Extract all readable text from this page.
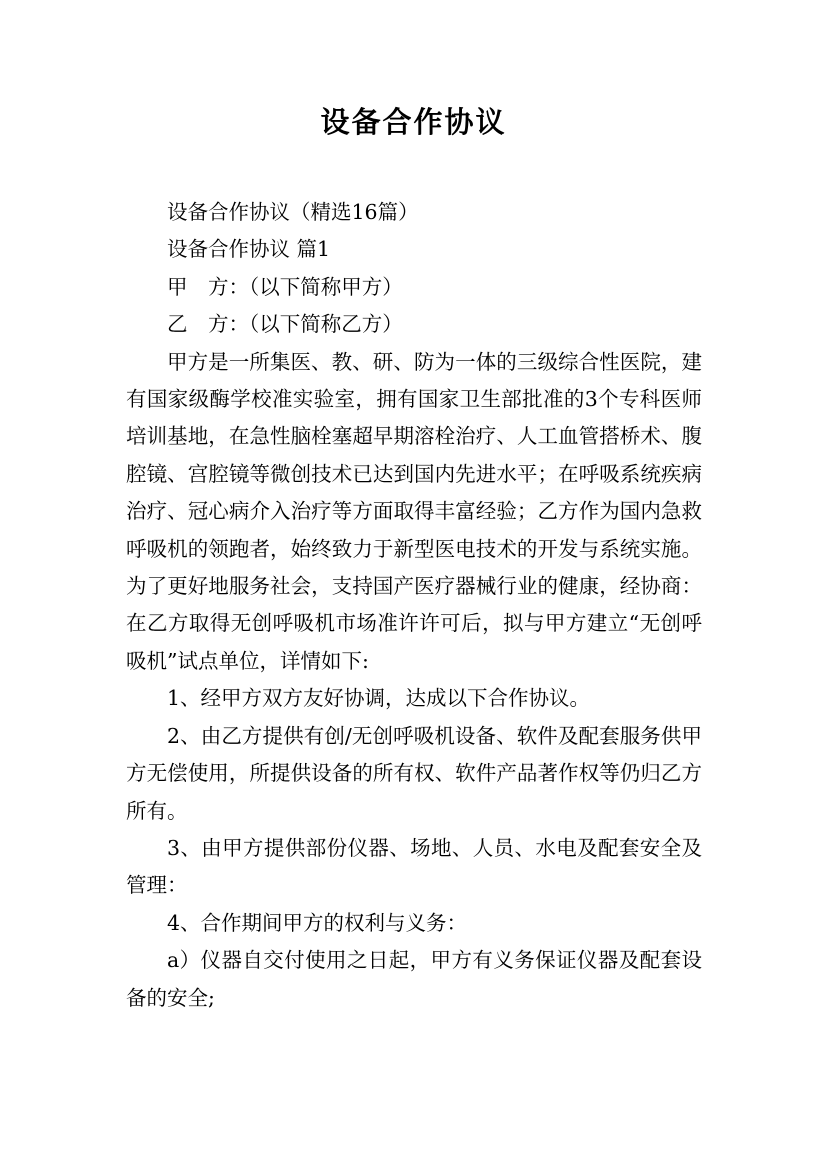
设备合作协议

设备合作协议（精选16篇）

设备合作协议 篇1

甲　方：（以下简称甲方）

乙　方：（以下简称乙方）

甲方是一所集医、教、研、防为一体的三级综合性医院，建有国家级酶学校准实验室，拥有国家卫生部批准的3个专科医师培训基地，在急性脑栓塞超早期溶栓治疗、人工血管搭桥术、腹腔镜、宫腔镜等微创技术已达到国内先进水平；在呼吸系统疾病治疗、冠心病介入治疗等方面取得丰富经验；乙方作为国内急救呼吸机的领跑者，始终致力于新型医电技术的开发与系统实施。为了更好地服务社会，支持国产医疗器械行业的健康，经协商：在乙方取得无创呼吸机市场准许许可后，拟与甲方建立“无创呼吸机”试点单位，详情如下:

1、经甲方双方友好协调，达成以下合作协议。

2、由乙方提供有创/无创呼吸机设备、软件及配套服务供甲方无偿使用，所提供设备的所有权、软件产品著作权等仍归乙方所有。

3、由甲方提供部份仪器、场地、人员、水电及配套安全及管理：

4、合作期间甲方的权利与义务：

a）仪器自交付使用之日起，甲方有义务保证仪器及配套设备的安全;
